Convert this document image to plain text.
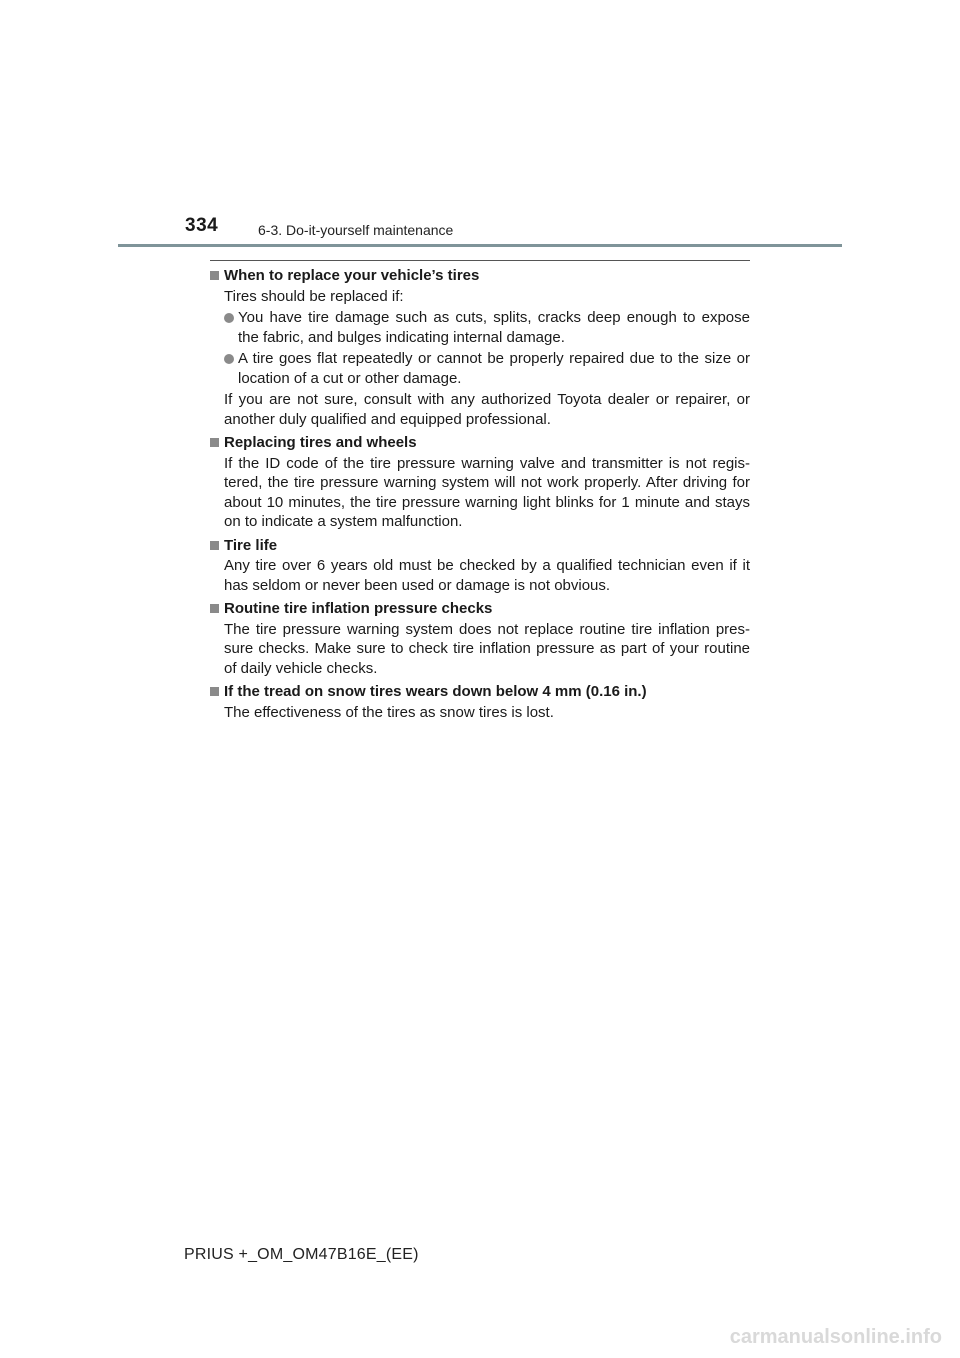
334	6-3. Do-it-yourself maintenance
When to replace your vehicle’s tires
Tires should be replaced if:
You have tire damage such as cuts, splits, cracks deep enough to expose the fabric, and bulges indicating internal damage.
A tire goes flat repeatedly or cannot be properly repaired due to the size or location of a cut or other damage.
If you are not sure, consult with any authorized Toyota dealer or repairer, or another duly qualified and equipped professional.
Replacing tires and wheels
If the ID code of the tire pressure warning valve and transmitter is not regis- tered, the tire pressure warning system will not work properly. After driving for about 10 minutes, the tire pressure warning light blinks for 1 minute and stays on to indicate a system malfunction.
Tire life
Any tire over 6 years old must be checked by a qualified technician even if it has seldom or never been used or damage is not obvious.
Routine tire inflation pressure checks
The tire pressure warning system does not replace routine tire inflation pres- sure checks. Make sure to check tire inflation pressure as part of your routine of daily vehicle checks.
If the tread on snow tires wears down below 4 mm (0.16 in.)
The effectiveness of the tires as snow tires is lost.
PRIUS +_OM_OM47B16E_(EE)
carmanualsonline.info
